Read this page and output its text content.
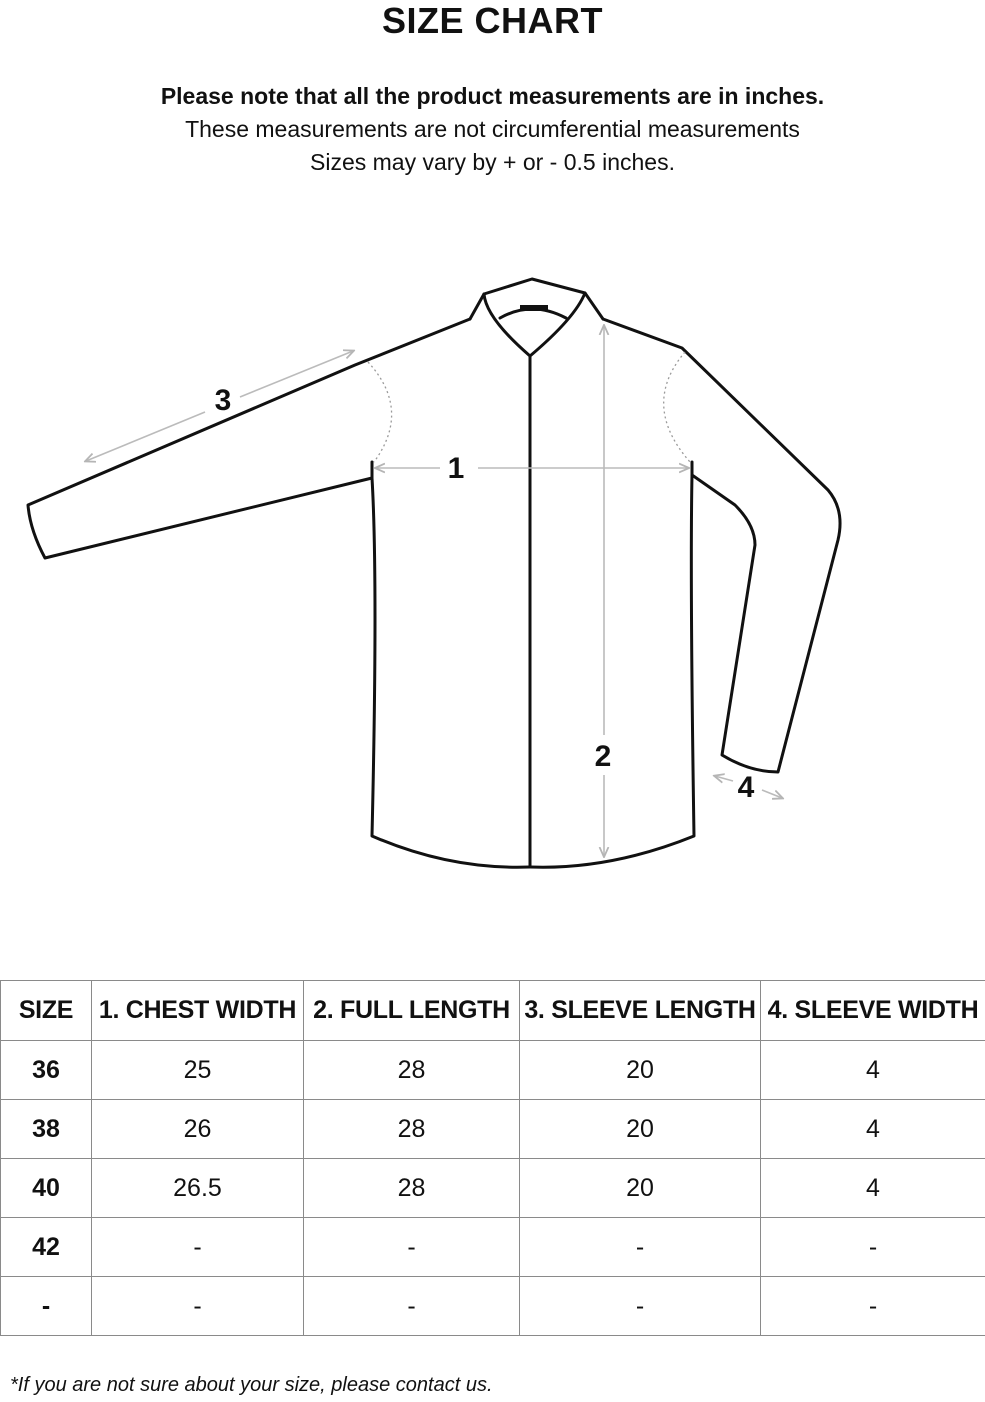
SIZE CHART
Please note that all the product measurements are in inches.
These measurements are not circumferential measurements
Sizes may vary by + or - 0.5 inches.
1
2
3
4
SIZE	1. CHEST WIDTH	2. FULL LENGTH	3. SLEEVE LENGTH	4. SLEEVE WIDTH
36	25	28	20	4
38	26	28	20	4
40	26.5	28	20	4
42	-	-	-	-
-	-	-	-	-
*If you are not sure about your size, please contact us.
